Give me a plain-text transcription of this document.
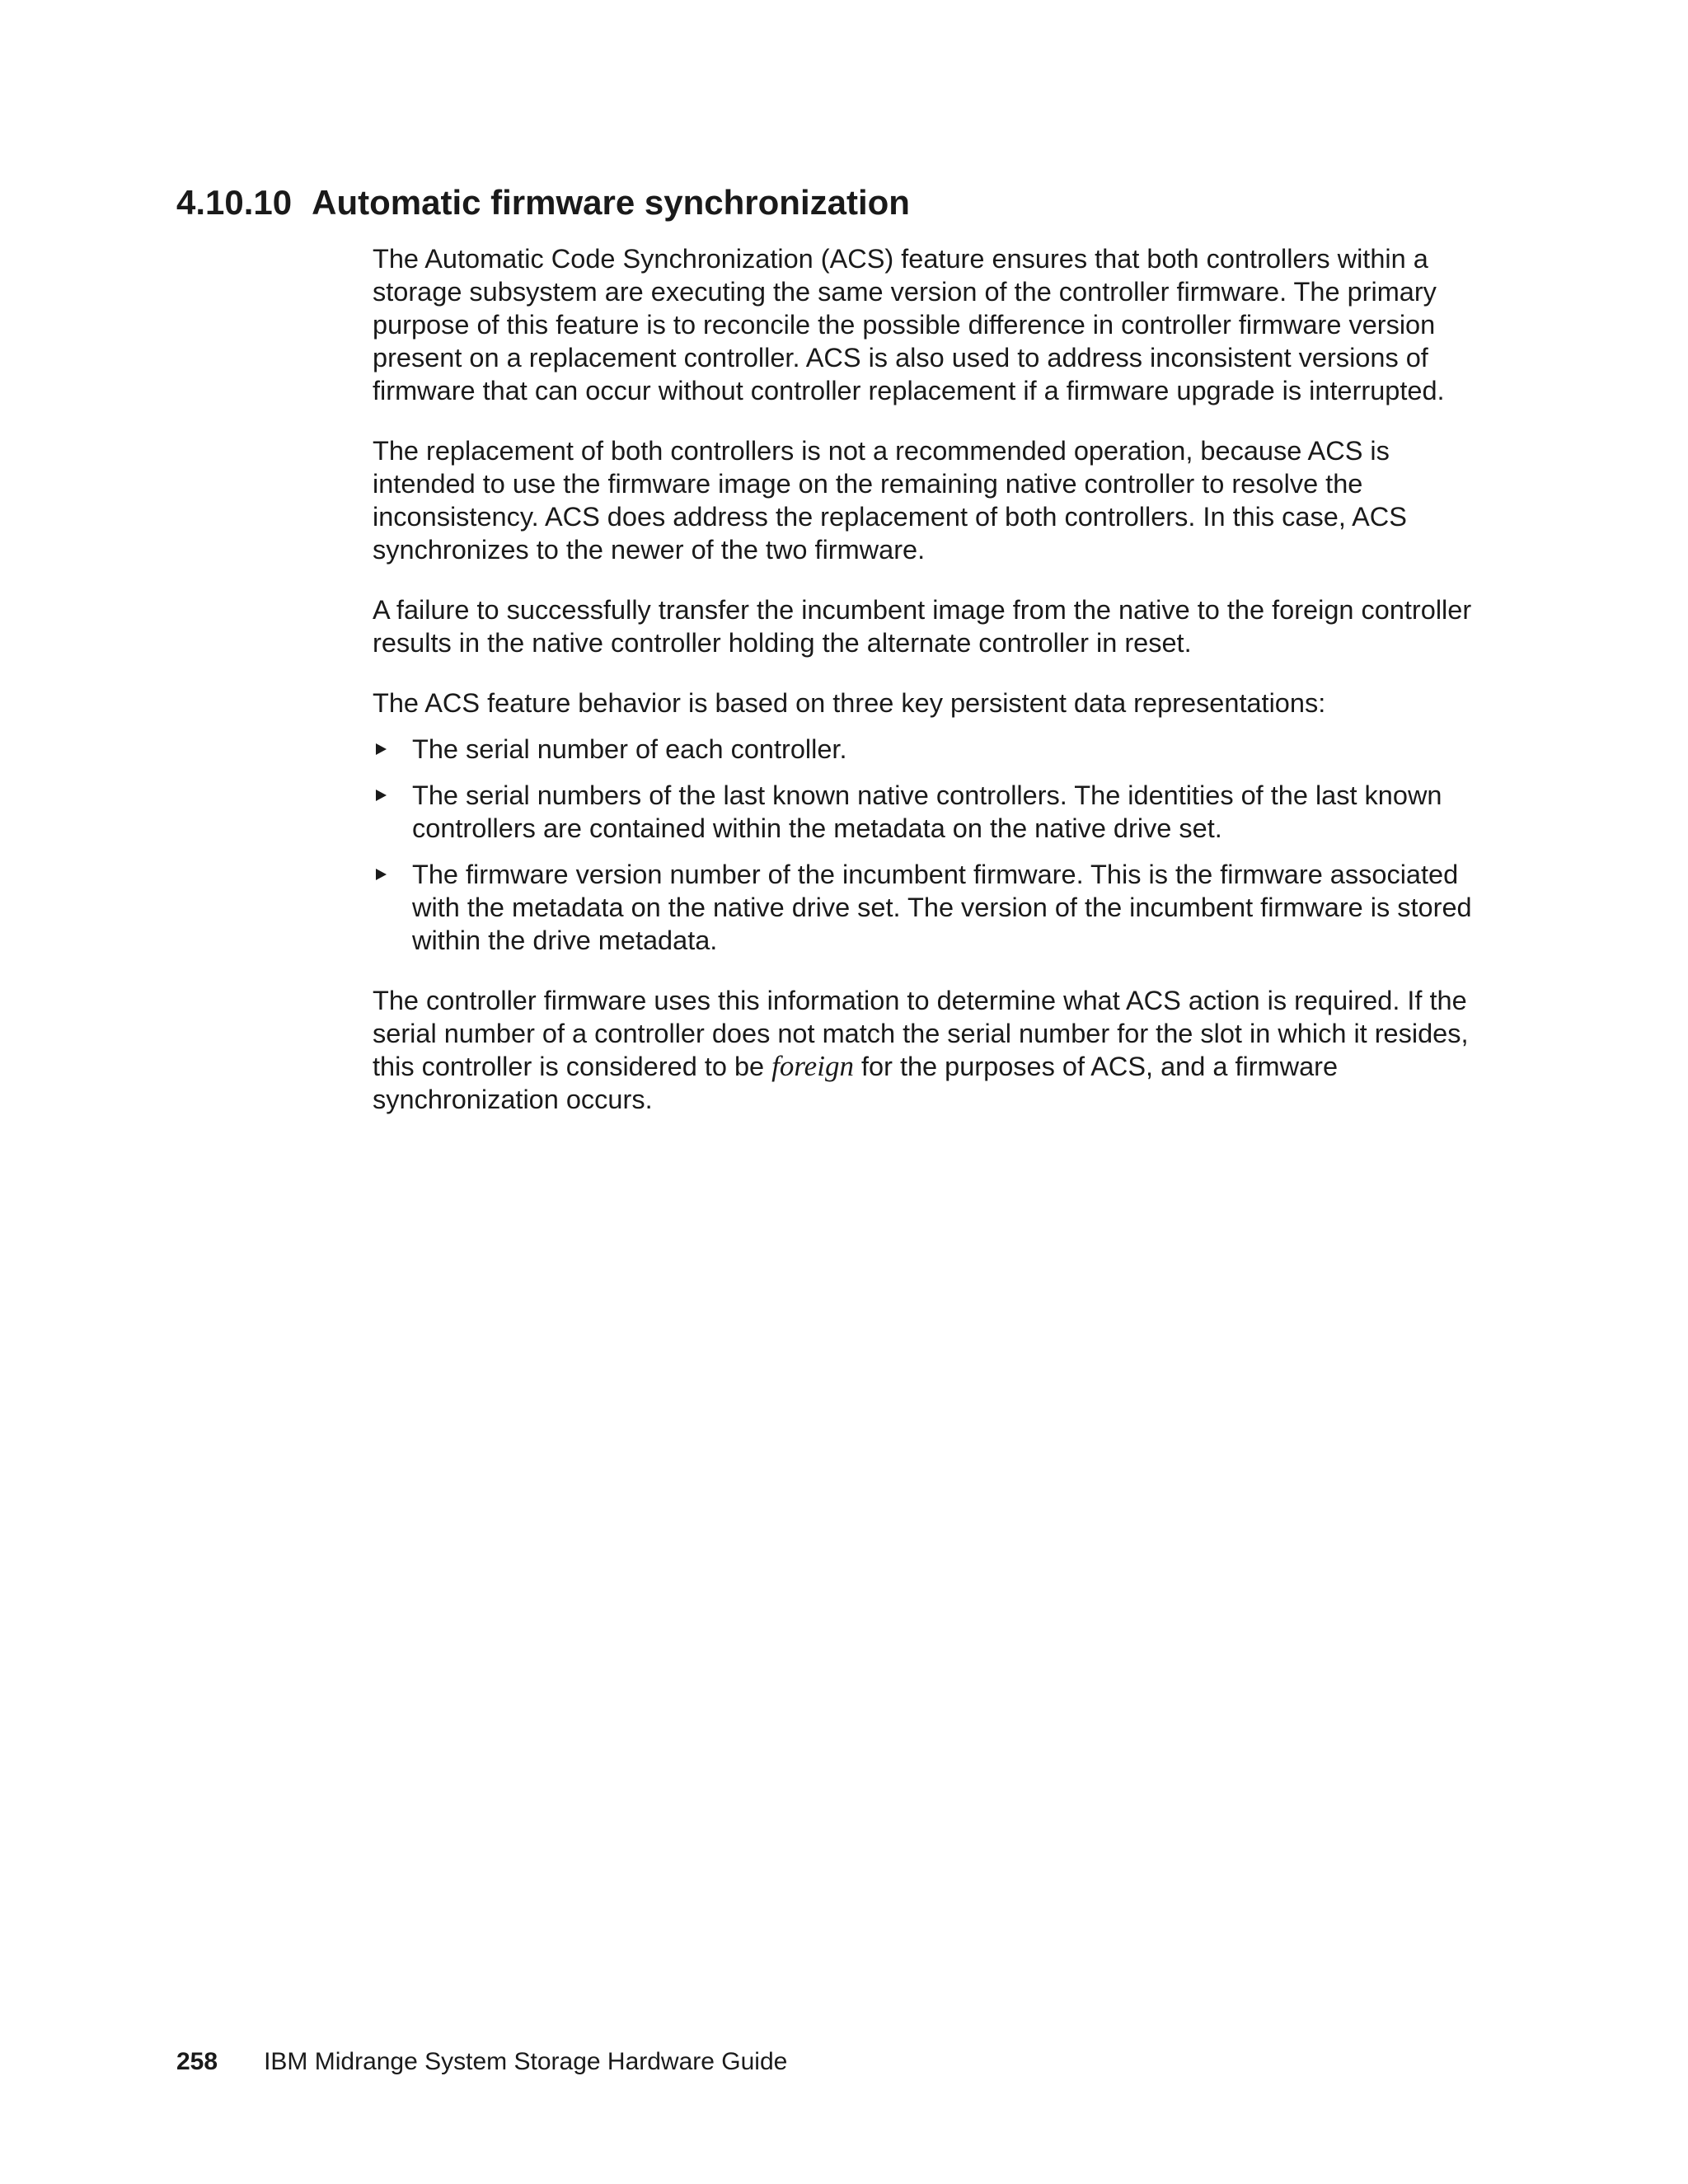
4.10.10 Automatic firmware synchronization

The Automatic Code Synchronization (ACS) feature ensures that both controllers within a storage subsystem are executing the same version of the controller firmware. The primary purpose of this feature is to reconcile the possible difference in controller firmware version present on a replacement controller. ACS is also used to address inconsistent versions of firmware that can occur without controller replacement if a firmware upgrade is interrupted.

The replacement of both controllers is not a recommended operation, because ACS is intended to use the firmware image on the remaining native controller to resolve the inconsistency. ACS does address the replacement of both controllers. In this case, ACS synchronizes to the newer of the two firmware.

A failure to successfully transfer the incumbent image from the native to the foreign controller results in the native controller holding the alternate controller in reset.

The ACS feature behavior is based on three key persistent data representations:

The serial number of each controller.
The serial numbers of the last known native controllers. The identities of the last known controllers are contained within the metadata on the native drive set.
The firmware version number of the incumbent firmware. This is the firmware associated with the metadata on the native drive set. The version of the incumbent firmware is stored within the drive metadata.

The controller firmware uses this information to determine what ACS action is required. If the serial number of a controller does not match the serial number for the slot in which it resides, this controller is considered to be foreign for the purposes of ACS, and a firmware synchronization occurs.

258 IBM Midrange System Storage Hardware Guide
